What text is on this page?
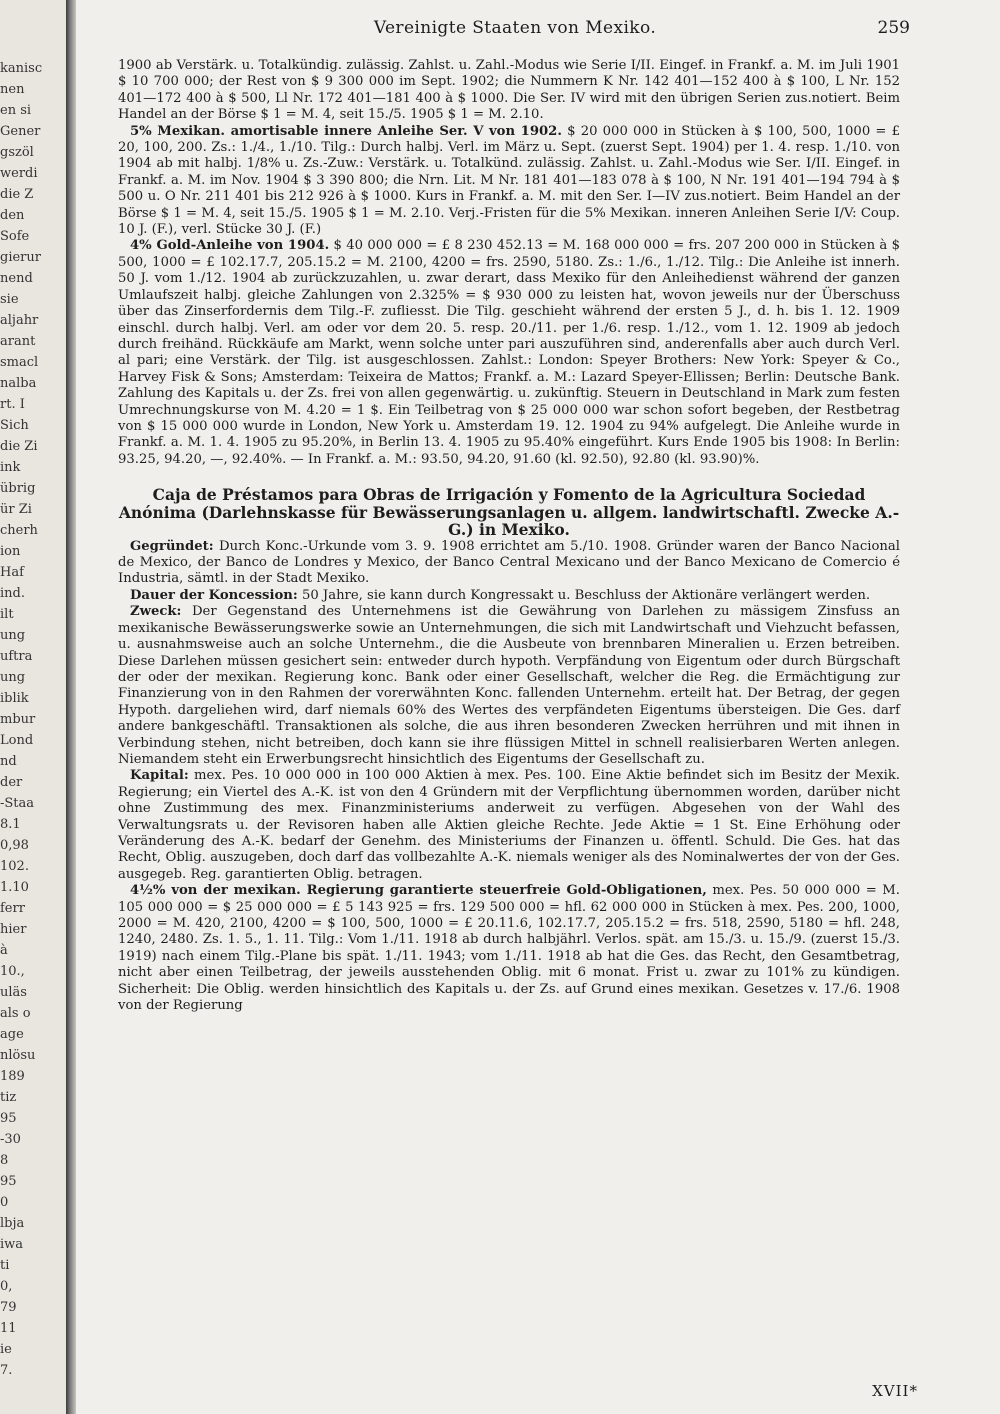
kanisc
nen
en si
Gener
gszöl
werdi
die Z
den
Sofe
gierur
nend
sie
aljahr
arant
smacl
nalba
rt. I
Sich
die Zi
ink
übrig
ür Zi
cherh
ion
Haf
ind.
ilt
ung
uftra
ung
iblik
mbur
Lond
nd
der
-Staa
8.1
0,98
102.
1.10
ferr
hier
à
10.,
uläs
als o
age
nlösu
189
tiz
95
-30
8
95
0
lbja
iwa
ti
0,
79
11
ie
7.
Vereinigte Staaten von Mexiko.	259

1900 ab Verstärk. u. Totalkündig. zulässig. Zahlst. u. Zahl.-Modus wie Serie I/II. Eingef. in Frankf. a. M. im Juli 1901 $ 10 700 000; der Rest von $ 9 300 000 im Sept. 1902; die Nummern K Nr. 142 401—152 400 à $ 100, L Nr. 152 401—172 400 à $ 500, Ll Nr. 172 401—181 400 à $ 1000. Die Ser. IV wird mit den übrigen Serien zus.notiert. Beim Handel an der Börse $ 1 = M. 4, seit 15./5. 1905 $ 1 = M. 2.10.

5% Mexikan. amortisable innere Anleihe Ser. V von 1902. $ 20 000 000 in Stücken à $ 100, 500, 1000 = £ 20, 100, 200. Zs.: 1./4., 1./10. Tilg.: Durch halbj. Verl. im März u. Sept. (zuerst Sept. 1904) per 1. 4. resp. 1./10. von 1904 ab mit halbj. 1/8% u. Zs.-Zuw.: Verstärk. u. Totalkünd. zulässig. Zahlst. u. Zahl.-Modus wie Ser. I/II. Eingef. in Frankf. a. M. im Nov. 1904 $ 3 390 800; die Nrn. Lit. M Nr. 181 401—183 078 à $ 100, N Nr. 191 401—194 794 à $ 500 u. O Nr. 211 401 bis 212 926 à $ 1000. Kurs in Frankf. a. M. mit den Ser. I—IV zus.notiert. Beim Handel an der Börse $ 1 = M. 4, seit 15./5. 1905 $ 1 = M. 2.10. Verj.-Fristen für die 5% Mexikan. inneren Anleihen Serie I/V: Coup. 10 J. (F.), verl. Stücke 30 J. (F.)

4% Gold-Anleihe von 1904. $ 40 000 000 = £ 8 230 452.13 = M. 168 000 000 = frs. 207 200 000 in Stücken à $ 500, 1000 = £ 102.17.7, 205.15.2 = M. 2100, 4200 = frs. 2590, 5180. Zs.: 1./6., 1./12. Tilg.: Die Anleihe ist innerh. 50 J. vom 1./12. 1904 ab zurückzuzahlen, u. zwar derart, dass Mexiko für den Anleihedienst während der ganzen Umlaufszeit halbj. gleiche Zahlungen von 2.325% = $ 930 000 zu leisten hat, wovon jeweils nur der Überschuss über das Zinserfordernis dem Tilg.-F. zufliesst. Die Tilg. geschieht während der ersten 5 J., d. h. bis 1. 12. 1909 einschl. durch halbj. Verl. am oder vor dem 20. 5. resp. 20./11. per 1./6. resp. 1./12., vom 1. 12. 1909 ab jedoch durch freihänd. Rückkäufe am Markt, wenn solche unter pari auszuführen sind, anderenfalls aber auch durch Verl. al pari; eine Verstärk. der Tilg. ist ausgeschlossen. Zahlst.: London: Speyer Brothers: New York: Speyer & Co., Harvey Fisk & Sons; Amsterdam: Teixeira de Mattos; Frankf. a. M.: Lazard Speyer-Ellissen; Berlin: Deutsche Bank. Zahlung des Kapitals u. der Zs. frei von allen gegenwärtig. u. zukünftig. Steuern in Deutschland in Mark zum festen Umrechnungskurse von M. 4.20 = 1 $. Ein Teilbetrag von $ 25 000 000 war schon sofort begeben, der Restbetrag von $ 15 000 000 wurde in London, New York u. Amsterdam 19. 12. 1904 zu 94% aufgelegt. Die Anleihe wurde in Frankf. a. M. 1. 4. 1905 zu 95.20%, in Berlin 13. 4. 1905 zu 95.40% eingeführt. Kurs Ende 1905 bis 1908: In Berlin: 93.25, 94.20, —, 92.40%. — In Frankf. a. M.: 93.50, 94.20, 91.60 (kl. 92.50), 92.80 (kl. 93.90)%.

Caja de Préstamos para Obras de Irrigación y Fomento de la Agricultura Sociedad Anónima (Darlehnskasse für Bewässerungsanlagen u. allgem. landwirtschaftl. Zwecke A.-G.) in Mexiko.

Gegründet: Durch Konc.-Urkunde vom 3. 9. 1908 errichtet am 5./10. 1908. Gründer waren der Banco Nacional de Mexico, der Banco de Londres y Mexico, der Banco Central Mexicano und der Banco Mexicano de Comercio é Industria, sämtl. in der Stadt Mexiko.

Dauer der Koncession: 50 Jahre, sie kann durch Kongressakt u. Beschluss der Aktionäre verlängert werden.

Zweck: Der Gegenstand des Unternehmens ist die Gewährung von Darlehen zu mässigem Zinsfuss an mexikanische Bewässerungswerke sowie an Unternehmungen, die sich mit Landwirtschaft und Viehzucht befassen, u. ausnahmsweise auch an solche Unternehm., die die Ausbeute von brennbaren Mineralien u. Erzen betreiben. Diese Darlehen müssen gesichert sein: entweder durch hypoth. Verpfändung von Eigentum oder durch Bürgschaft der oder der mexikan. Regierung konc. Bank oder einer Gesellschaft, welcher die Reg. die Ermächtigung zur Finanzierung von in den Rahmen der vorerwähnten Konc. fallenden Unternehm. erteilt hat. Der Betrag, der gegen Hypoth. dargeliehen wird, darf niemals 60% des Wertes des verpfändeten Eigentums übersteigen. Die Ges. darf andere bankgeschäftl. Transaktionen als solche, die aus ihren besonderen Zwecken herrühren und mit ihnen in Verbindung stehen, nicht betreiben, doch kann sie ihre flüssigen Mittel in schnell realisierbaren Werten anlegen. Niemandem steht ein Erwerbungsrecht hinsichtlich des Eigentums der Gesellschaft zu.

Kapital: mex. Pes. 10 000 000 in 100 000 Aktien à mex. Pes. 100. Eine Aktie befindet sich im Besitz der Mexik. Regierung; ein Viertel des A.-K. ist von den 4 Gründern mit der Verpflichtung übernommen worden, darüber nicht ohne Zustimmung des mex. Finanzministeriums anderweit zu verfügen. Abgesehen von der Wahl des Verwaltungsrats u. der Revisoren haben alle Aktien gleiche Rechte. Jede Aktie = 1 St. Eine Erhöhung oder Veränderung des A.-K. bedarf der Genehm. des Ministeriums der Finanzen u. öffentl. Schuld. Die Ges. hat das Recht, Oblig. auszugeben, doch darf das vollbezahlte A.-K. niemals weniger als des Nominalwertes der von der Ges. ausgegeb. Reg. garantierten Oblig. betragen.

4½% von der mexikan. Regierung garantierte steuerfreie Gold-Obligationen, mex. Pes. 50 000 000 = M. 105 000 000 = $ 25 000 000 = £ 5 143 925 = frs. 129 500 000 = hfl. 62 000 000 in Stücken à mex. Pes. 200, 1000, 2000 = M. 420, 2100, 4200 = $ 100, 500, 1000 = £ 20.11.6, 102.17.7, 205.15.2 = frs. 518, 2590, 5180 = hfl. 248, 1240, 2480. Zs. 1. 5., 1. 11. Tilg.: Vom 1./11. 1918 ab durch halbjährl. Verlos. spät. am 15./3. u. 15./9. (zuerst 15./3. 1919) nach einem Tilg.-Plane bis spät. 1./11. 1943; vom 1./11. 1918 ab hat die Ges. das Recht, den Gesamtbetrag, nicht aber einen Teilbetrag, der jeweils ausstehenden Oblig. mit 6 monat. Frist u. zwar zu 101% zu kündigen. Sicherheit: Die Oblig. werden hinsichtlich des Kapitals u. der Zs. auf Grund eines mexikan. Gesetzes v. 17./6. 1908 von der Regierung

XVII*
